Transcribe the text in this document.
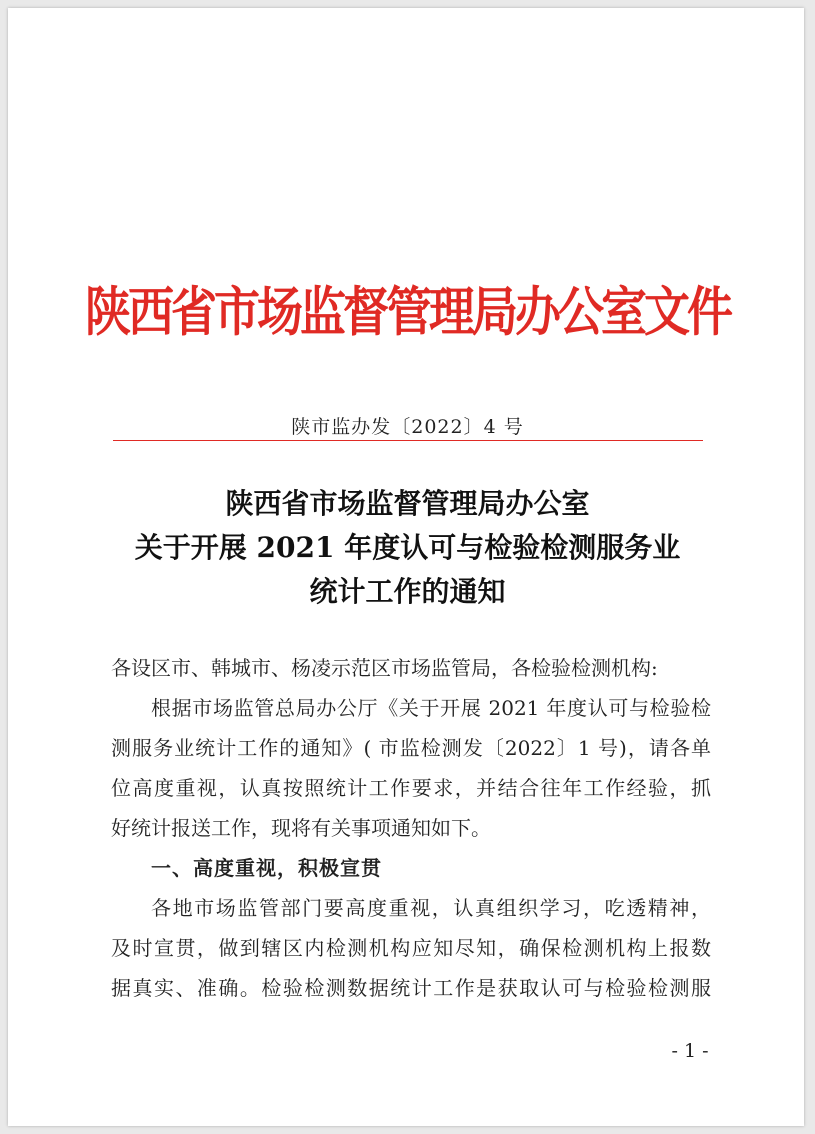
陕西省市场监督管理局办公室文件
陕市监办发〔2022〕4 号
陕西省市场监督管理局办公室
关于开展 2021 年度认可与检验检测服务业
统计工作的通知
各设区市、韩城市、杨凌示范区市场监管局，各检验检测机构:
根据市场监管总局办公厅《关于开展 2021 年度认可与检验检
测服务业统计工作的通知》( 市监检测发〔2022〕1 号)，请各单
位高度重视，认真按照统计工作要求，并结合往年工作经验，抓
好统计报送工作，现将有关事项通知如下。
一、高度重视，积极宣贯
各地市场监管部门要高度重视，认真组织学习，吃透精神，
及时宣贯，做到辖区内检测机构应知尽知，确保检测机构上报数
据真实、准确。检验检测数据统计工作是获取认可与检验检测服
- 1 -
